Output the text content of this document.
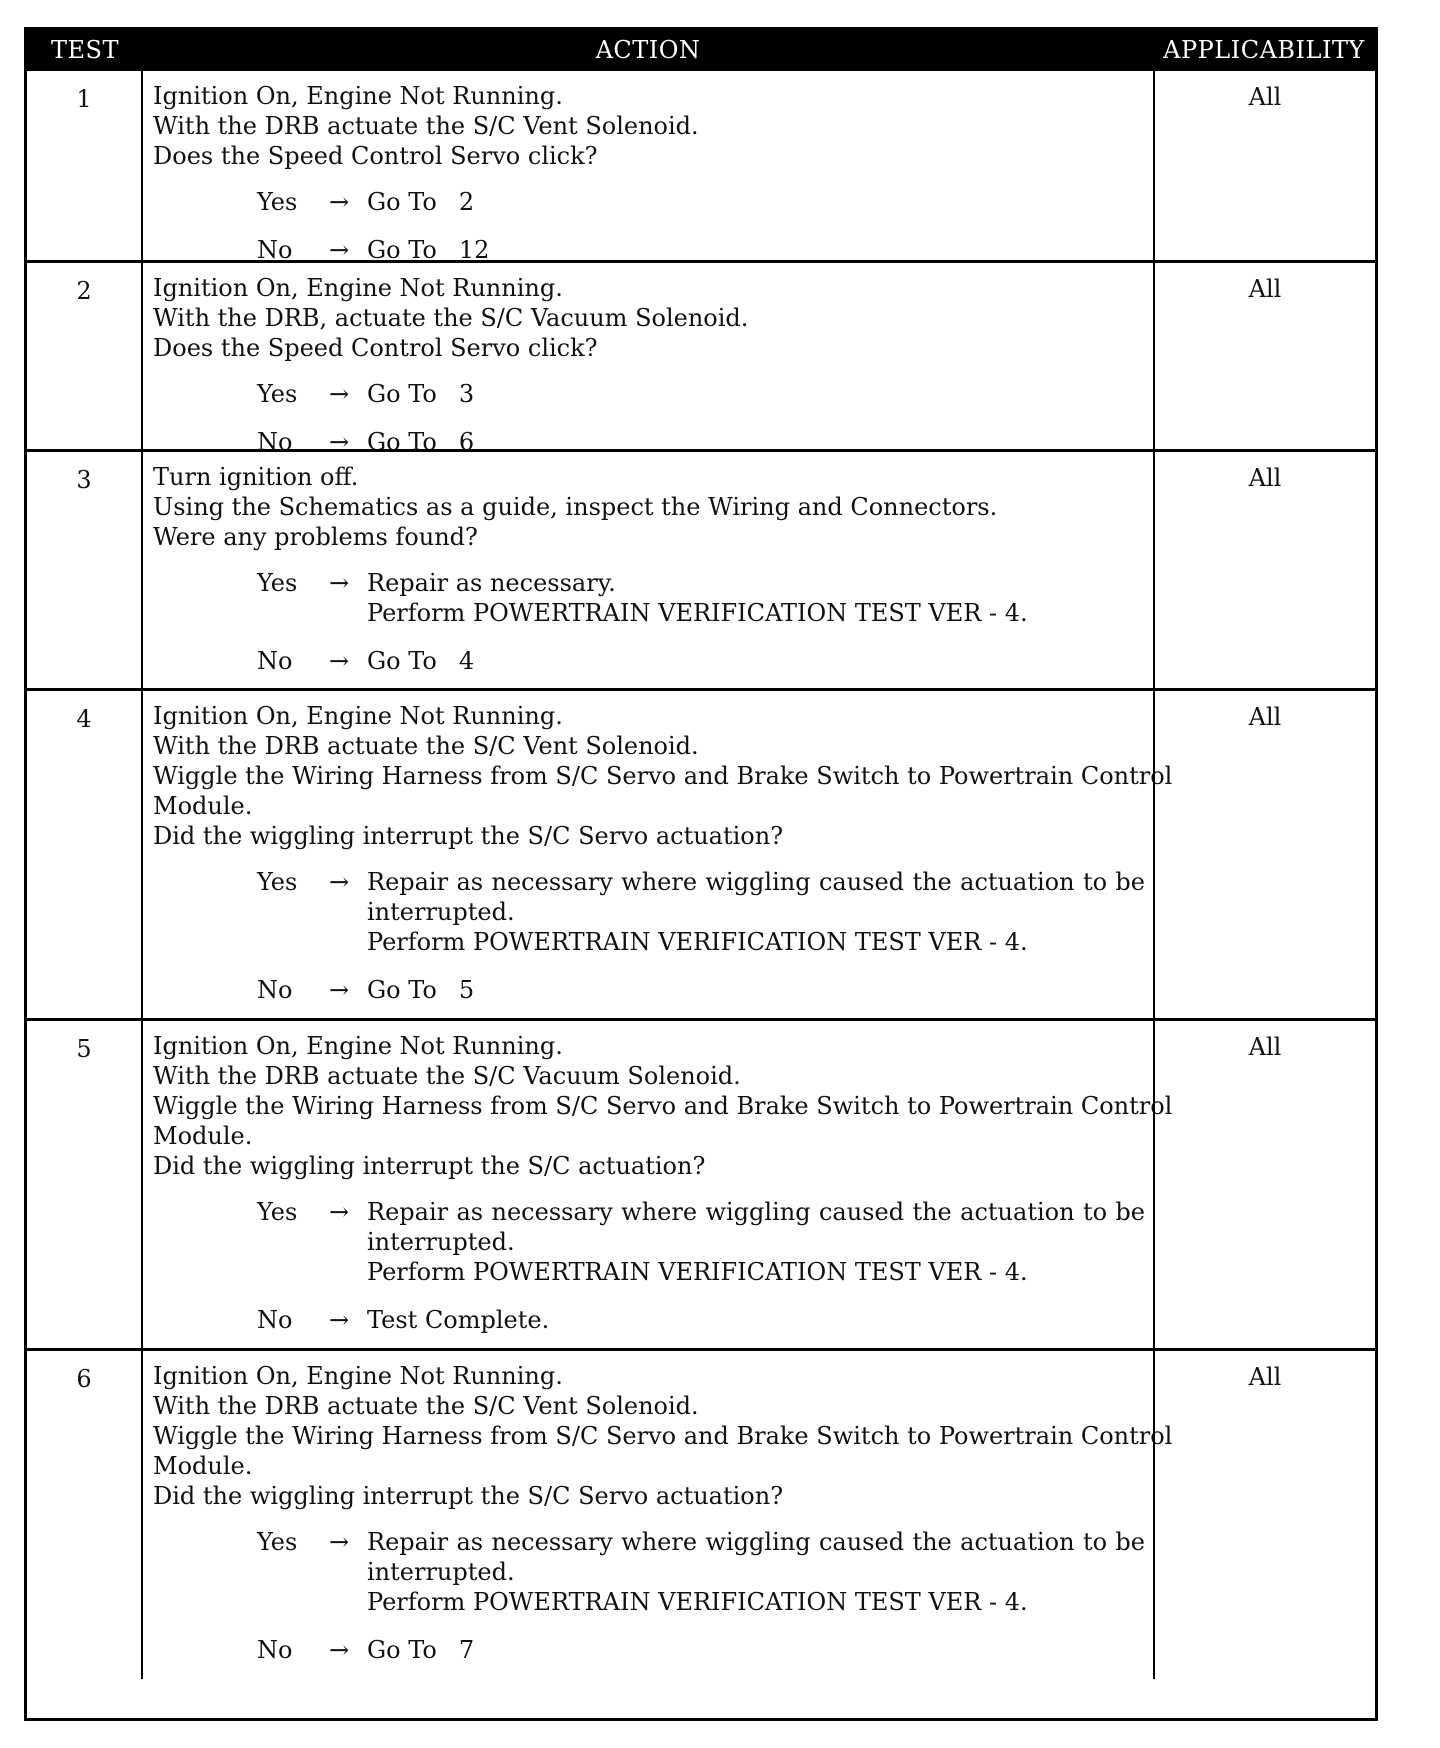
TEST	ACTION	APPLICABILITY
1	Ignition On, Engine Not Running.
With the DRB actuate the S/C Vent Solenoid.
Does the Speed Control Servo click?
Yes	→ Go To 2
No	→ Go To 12
All
2	Ignition On, Engine Not Running.
With the DRB, actuate the S/C Vacuum Solenoid.
Does the Speed Control Servo click?
Yes	→ Go To 3
No	→ Go To 6
All
3	Turn ignition off.
Using the Schematics as a guide, inspect the Wiring and Connectors.
Were any problems found?
Yes	→ Repair as necessary.
Perform POWERTRAIN VERIFICATION TEST VER - 4.
No	→ Go To 4
All
4	Ignition On, Engine Not Running.
With the DRB actuate the S/C Vent Solenoid.
Wiggle the Wiring Harness from S/C Servo and Brake Switch to Powertrain Control
Module.
Did the wiggling interrupt the S/C Servo actuation?
Yes	→ Repair as necessary where wiggling caused the actuation to be
interrupted.
Perform POWERTRAIN VERIFICATION TEST VER - 4.
No	→ Go To 5
All
5	Ignition On, Engine Not Running.
With the DRB actuate the S/C Vacuum Solenoid.
Wiggle the Wiring Harness from S/C Servo and Brake Switch to Powertrain Control
Module.
Did the wiggling interrupt the S/C actuation?
Yes	→ Repair as necessary where wiggling caused the actuation to be
interrupted.
Perform POWERTRAIN VERIFICATION TEST VER - 4.
No	→ Test Complete.
All
6	Ignition On, Engine Not Running.
With the DRB actuate the S/C Vent Solenoid.
Wiggle the Wiring Harness from S/C Servo and Brake Switch to Powertrain Control
Module.
Did the wiggling interrupt the S/C Servo actuation?
Yes	→ Repair as necessary where wiggling caused the actuation to be
interrupted.
Perform POWERTRAIN VERIFICATION TEST VER - 4.
No	→ Go To 7
All
